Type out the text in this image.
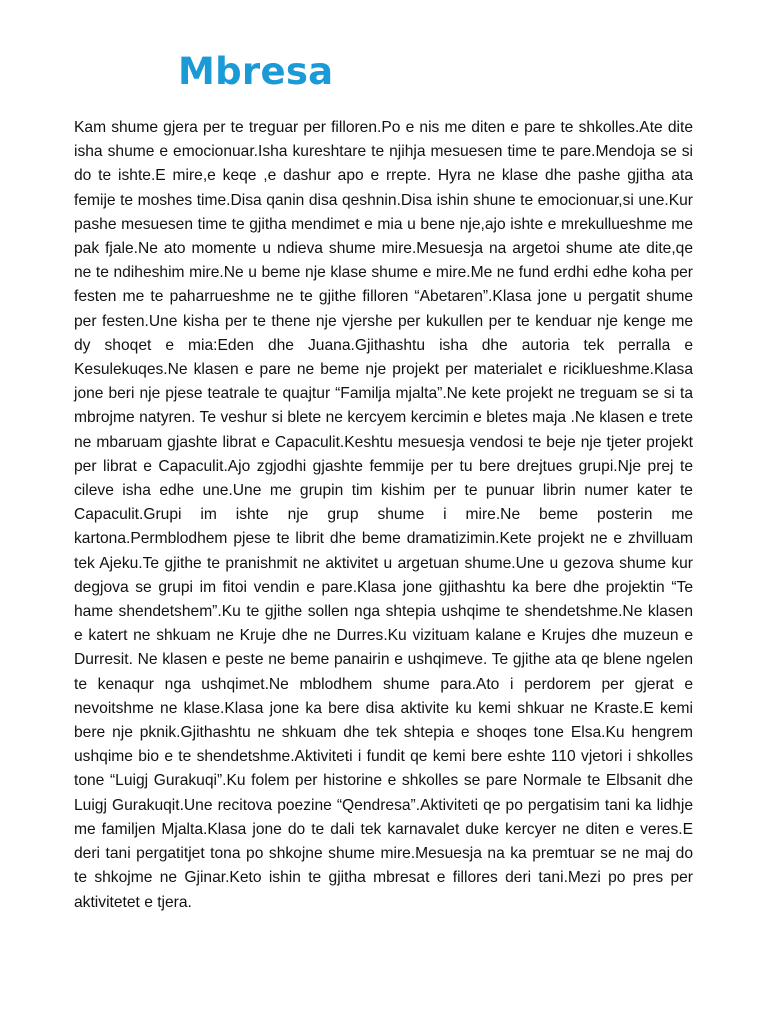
Mbresa

Kam shume gjera per te treguar per filloren.Po e nis me diten e pare te shkolles.Ate dite isha shume e emocionuar.Isha kureshtare te njihja mesuesen time te pare.Mendoja se si do te ishte.E mire,e keqe ,e dashur apo e rrepte. Hyra ne klase dhe pashe gjitha ata femije te moshes time.Disa qanin disa qeshnin.Disa ishin shune te emocionuar,si une.Kur pashe mesuesen time te gjitha mendimet e mia u bene nje,ajo ishte e mrekullueshme me pak fjale.Ne ato momente u ndieva shume mire.Mesuesja na argetoi shume ate dite,qe ne te ndiheshim mire.Ne u beme nje klase shume e mire.Me ne fund erdhi edhe koha per festen me te paharrueshme ne te gjithe filloren “Abetaren”.Klasa jone u pergatit shume per festen.Une kisha per te thene nje vjershe per kukullen per te kenduar nje kenge me dy shoqet e mia:Eden dhe Juana.Gjithashtu isha dhe autoria tek perralla e Kesulekuqes.Ne klasen e pare ne beme nje projekt per materialet e riciklueshme.Klasa jone beri nje pjese teatrale te quajtur “Familja mjalta”.Ne kete projekt ne treguam se si ta mbrojme natyren. Te veshur si blete ne kercyem kercimin e bletes maja .Ne klasen e trete ne mbaruam gjashte librat e Capaculit.Keshtu mesuesja vendosi te beje nje tjeter projekt per librat e Capaculit.Ajo zgjodhi gjashte femmije per tu bere drejtues grupi.Nje prej te cileve isha edhe une.Une me grupin tim kishim per te punuar librin numer kater te Capaculit.Grupi im ishte nje grup shume i mire.Ne beme posterin me kartona.Permblodhem pjese te librit dhe beme dramatizimin.Kete projekt ne e zhvilluam tek Ajeku.Te gjithe te pranishmit ne aktivitet u argetuan shume.Une u gezova shume kur degjova se grupi im fitoi vendin e pare.Klasa jone gjithashtu ka bere dhe projektin “Te hame shendetshem”.Ku te gjithe sollen nga shtepia ushqime te shendetshme.Ne klasen e katert ne shkuam ne Kruje dhe ne Durres.Ku vizituam kalane e Krujes dhe muzeun e Durresit. Ne klasen e peste ne beme panairin e ushqimeve. Te gjithe ata qe blene ngelen te kenaqur nga ushqimet.Ne mblodhem shume para.Ato i perdorem per gjerat e nevoitshme ne klase.Klasa jone ka bere disa aktivite ku kemi shkuar ne Kraste.E kemi bere nje pknik.Gjithashtu ne shkuam dhe tek shtepia e shoqes tone Elsa.Ku hengrem ushqime bio e te shendetshme.Aktiviteti i fundit qe kemi bere eshte 110 vjetori i shkolles tone “Luigj Gurakuqi”.Ku folem per historine e shkolles se pare Normale te Elbsanit dhe Luigj Gurakuqit.Une recitova poezine “Qendresa”.Aktiviteti qe po pergatisim tani ka lidhje me familjen Mjalta.Klasa jone do te dali tek karnavalet duke kercyer ne diten e veres.E deri tani pergatitjet tona po shkojne shume mire.Mesuesja na ka premtuar se ne maj do te shkojme ne Gjinar.Keto ishin te gjitha mbresat e fillores deri tani.Mezi po pres per aktivitetet e tjera.
